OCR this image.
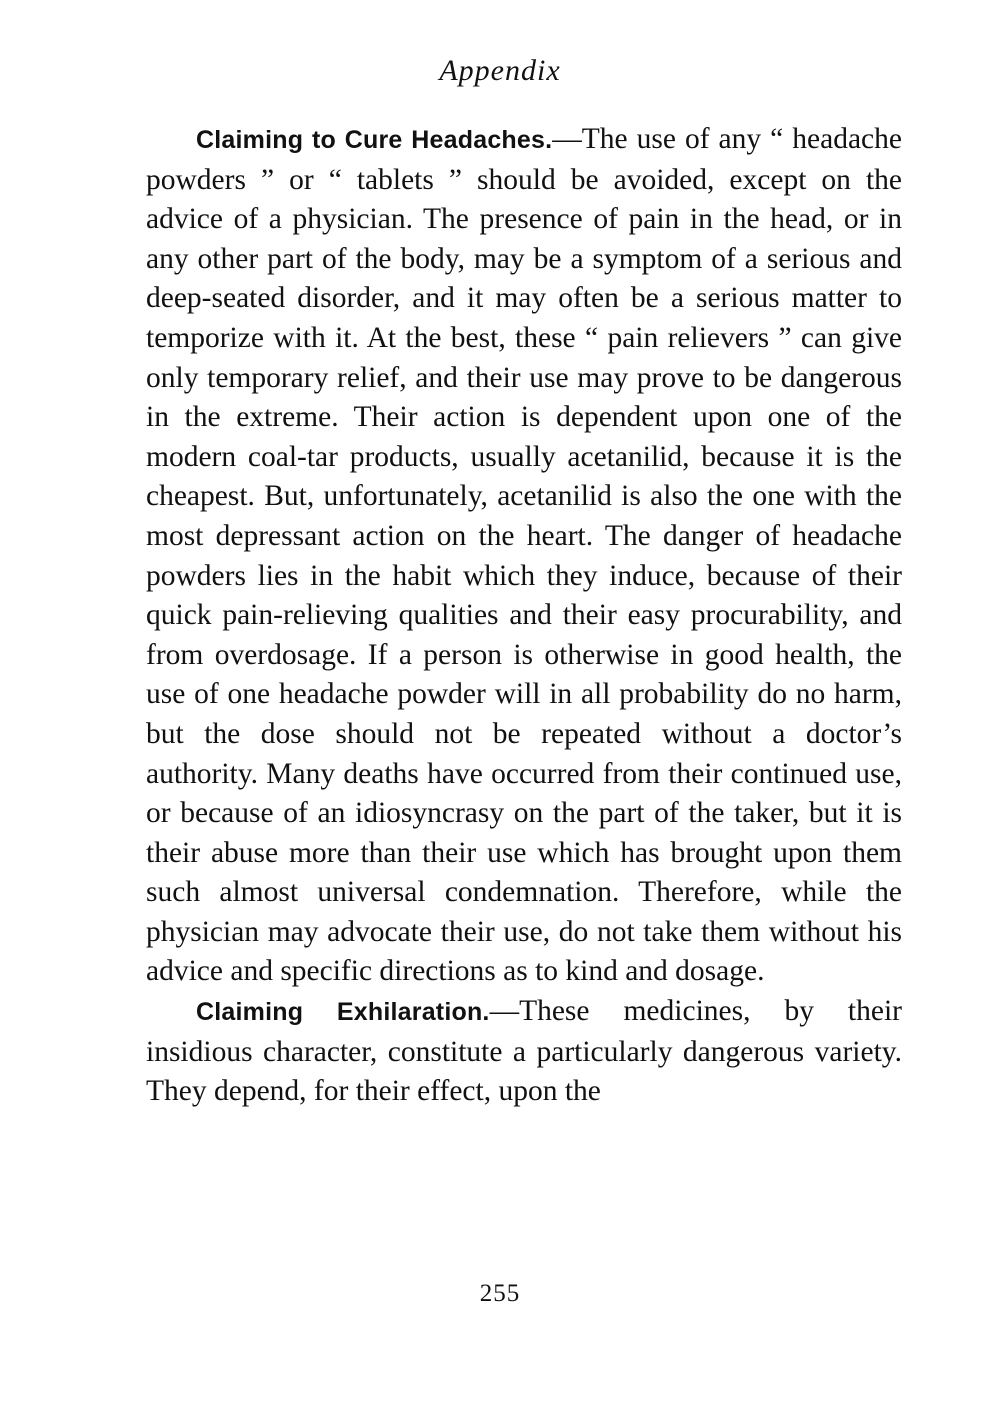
Appendix

Claiming to Cure Headaches.—The use of any “ headache powders ” or “ tablets ” should be avoided, except on the advice of a physician. The presence of pain in the head, or in any other part of the body, may be a symptom of a serious and deep-seated disorder, and it may often be a serious matter to temporize with it. At the best, these “ pain relievers ” can give only temporary relief, and their use may prove to be dangerous in the extreme. Their action is dependent upon one of the modern coal-tar products, usually acetanilid, because it is the cheapest. But, unfortunately, acetanilid is also the one with the most depressant action on the heart. The danger of headache powders lies in the habit which they induce, because of their quick pain-relieving qualities and their easy procurability, and from overdosage. If a person is otherwise in good health, the use of one headache powder will in all probability do no harm, but the dose should not be repeated without a doctor’s authority. Many deaths have occurred from their continued use, or because of an idiosyncrasy on the part of the taker, but it is their abuse more than their use which has brought upon them such almost universal condemnation. Therefore, while the physician may advocate their use, do not take them without his advice and specific directions as to kind and dosage.

Claiming Exhilaration.—These medicines, by their insidious character, constitute a particularly dangerous variety. They depend, for their effect, upon the

255
